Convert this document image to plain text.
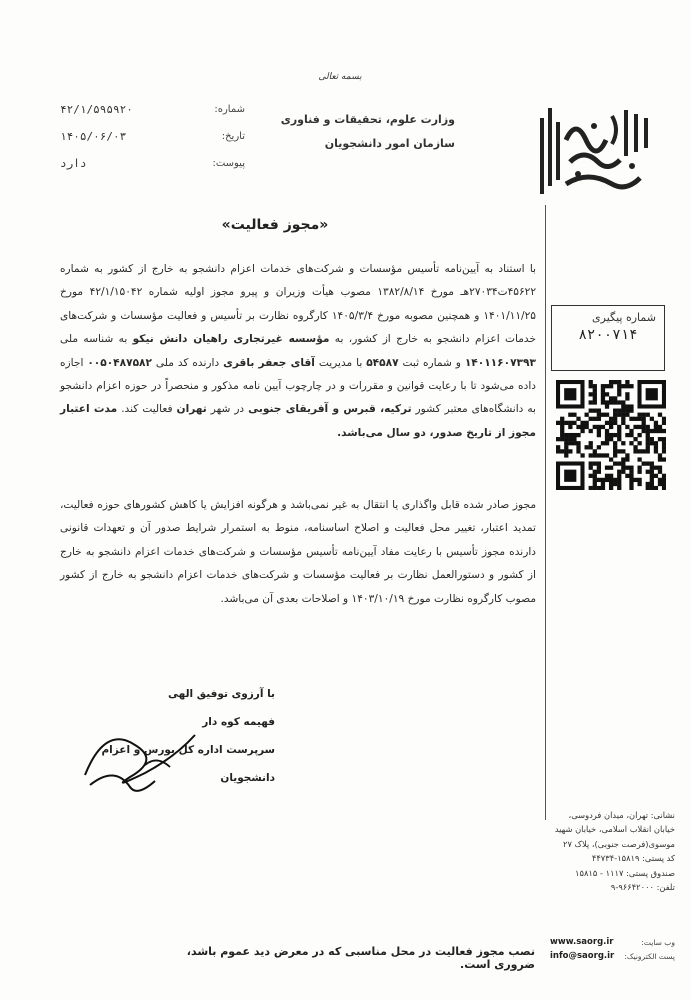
بسمه تعالی
وزارت علوم، تحقیقات و فناوری
سازمان امور دانشجویان
شماره:
۴۲/۱/۵۹۵۹۲۰
تاریخ:
۱۴۰۵/۰۶/۰۳
پیوست:
دارد
«مجوز فعالیت»
با استناد به آیین‌نامه تأسیس مؤسسات و شرکت‌های خدمات اعزام دانشجو به خارج از کشور به شماره ۴۵۶۲۲ت۲۷۰۳۴هـ مورخ ۱۳۸۲/۸/۱۴ مصوب هیأت وزیران و پیرو مجوز اولیه شماره ۴۲/۱/۱۵۰۴۲ مورخ ۱۴۰۱/۱۱/۲۵ و همچنین مصوبه مورخ ۱۴۰۵/۳/۴ کارگروه نظارت بر تأسیس و فعالیت مؤسسات و شرکت‌های خدمات اعزام دانشجو به خارج از کشور، به مؤسسه غیرتجاری راهیان دانش نیکو به شناسه ملی ۱۴۰۱۱۶۰۷۳۹۳ و شماره ثبت ۵۴۵۸۷ با مدیریت آقای جعفر باقری دارنده کد ملی ۰۰۵۰۴۸۷۵۸۲ اجازه داده می‌شود تا با رعایت قوانین و مقررات و در چارچوب آیین نامه مذکور و منحصراً در حوزه اعزام دانشجو به دانشگاه‌های معتبر کشور ترکیه، قبرس و آفریقای جنوبی در شهر تهران فعالیت کند. مدت اعتبار مجوز از تاریخ صدور، دو سال می‌باشد.
مجوز صادر شده قابل واگذاری یا انتقال به غیر نمی‌باشد و هرگونه افزایش یا کاهش کشورهای حوزه فعالیت، تمدید اعتبار، تغییر محل فعالیت و اصلاح اساسنامه، منوط به استمرار شرایط صدور آن و تعهدات قانونی دارنده مجوز تأسیس با رعایت مفاد آیین‌نامه تأسیس مؤسسات و شرکت‌های خدمات اعزام دانشجو به خارج از کشور و دستورالعمل نظارت بر فعالیت مؤسسات و شرکت‌های خدمات اعزام دانشجو به خارج از کشور مصوب کارگروه نظارت مورخ ۱۴۰۳/۱۰/۱۹ و اصلاحات بعدی آن می‌باشد.
شماره پیگیری
۸۲۰۰۷۱۴
با آرزوی توفیق الهی
فهیمه کوه دار
سرپرست اداره کل بورس و اعزام دانشجویان
نشانی: تهران، میدان فردوسی،
خیابان انقلاب اسلامی، خیابان شهید
موسوی(فرصت جنوبی)، پلاک ۲۷
کد پستی: ۱۵۸۱۹-۴۴۷۳۴
صندوق پستی: ۱۱۱۷ - ۱۵۸۱۵
تلفن: ۹۶۶۴۲۰۰۰-۹
وب سایت:
www.saorg.ir
پست الکترونیک:
info@saorg.ir
نصب مجوز فعالیت در محل مناسبی که در معرض دید عموم باشد، ضروری است.
